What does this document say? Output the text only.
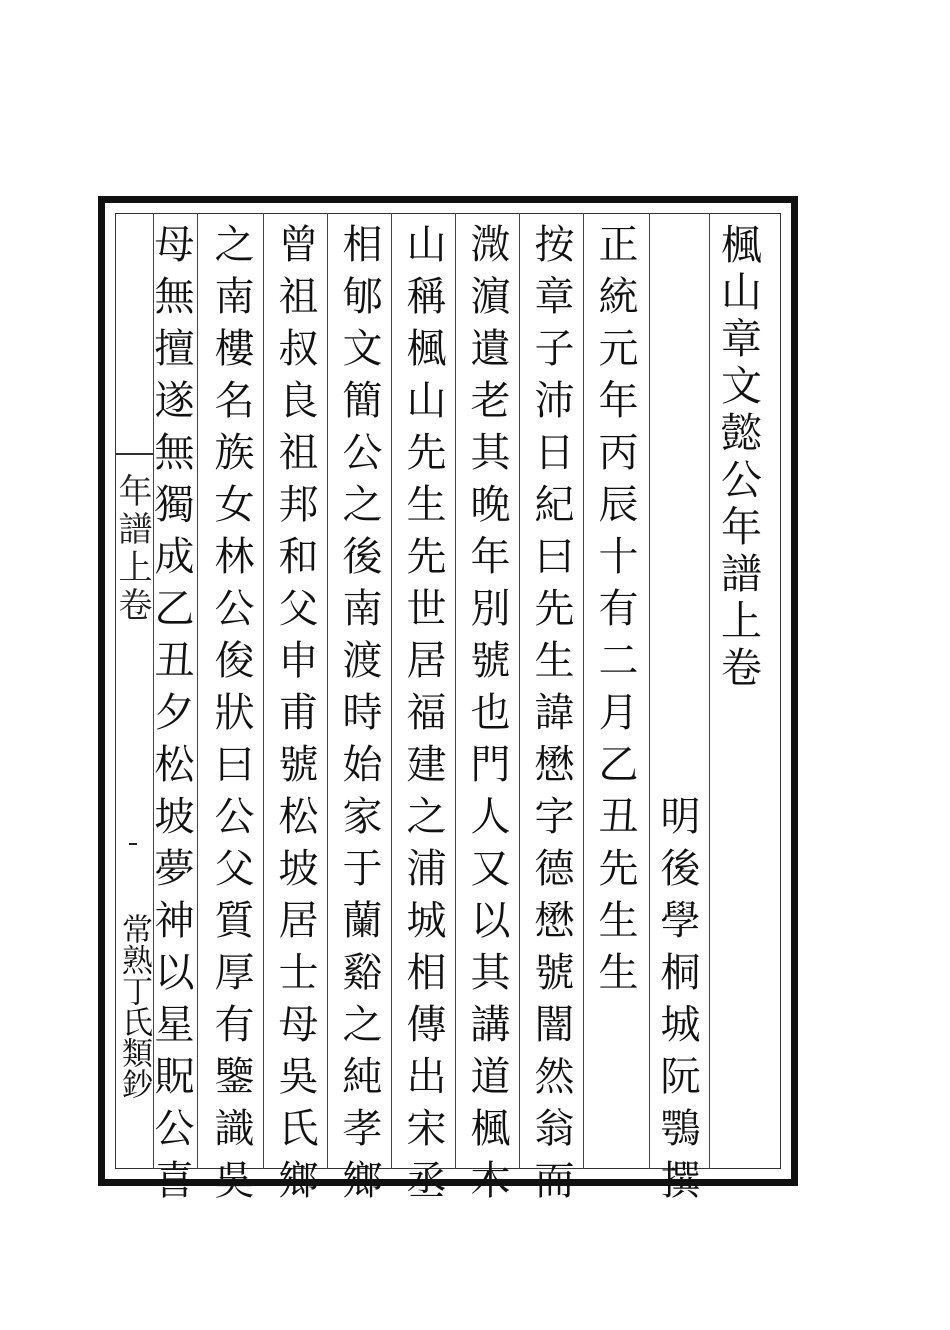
年譜上卷
常熟丁氏類鈔
楓山章文懿公年譜上卷
明後學桐城阮鶚撰
正統元年丙辰十有二月乙丑先生生
按章子沛日紀曰先生諱懋字德懋號闇然翁而
溦濵遺老其晚年別號也門人又以其講道楓木
山稱楓山先生先世居福建之浦城相傳出宋丞
相郇文簡公之後南渡時始家于蘭谿之純孝鄉
曾祖叔良祖邦和父申甫號松坡居士母吳氏鄉
之南樓名族女林公俊狀曰公父質厚有鑒識吳
母無擅遂無獨成乙丑夕松坡夢神以星貺公喜
